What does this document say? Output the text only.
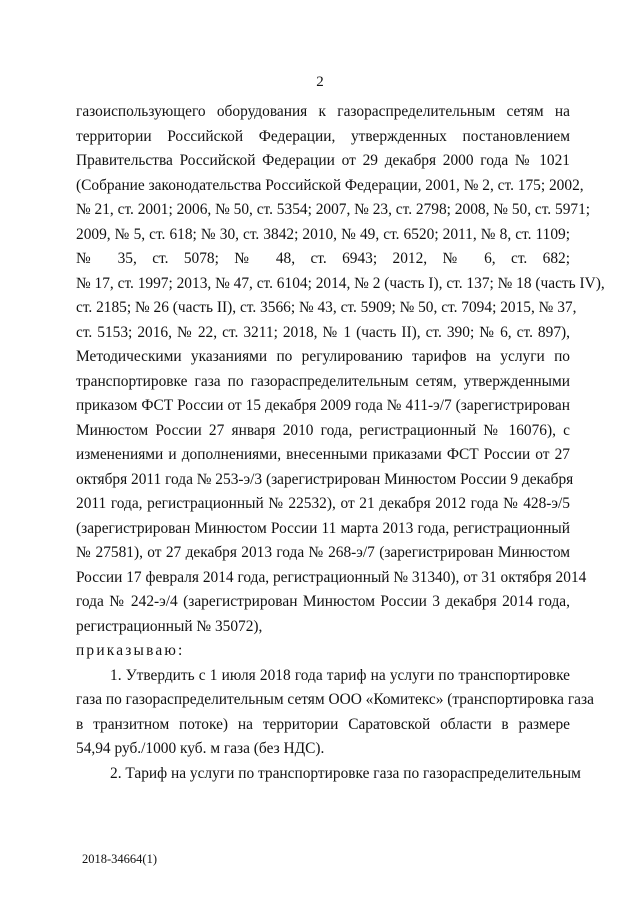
2
газоиспользующего оборудования к газораспределительным сетям на
территории Российской Федерации, утвержденных постановлением
Правительства Российской Федерации от 29 декабря 2000 года № 1021
(Собрание законодательства Российской Федерации, 2001, № 2, ст. 175; 2002,
№ 21, ст. 2001; 2006, № 50, ст. 5354; 2007, № 23, ст. 2798; 2008, № 50, ст. 5971;
2009, № 5, ст. 618; № 30, ст. 3842; 2010, № 49, ст. 6520; 2011, № 8, ст. 1109;
№ 35, ст. 5078; № 48, ст. 6943; 2012, № 6, ст. 682;
№ 17, ст. 1997; 2013, № 47, ст. 6104; 2014, № 2 (часть I), ст. 137; № 18 (часть IV),
ст. 2185; № 26 (часть II), ст. 3566; № 43, ст. 5909; № 50, ст. 7094; 2015, № 37,
ст. 5153; 2016, № 22, ст. 3211; 2018, № 1 (часть II), ст. 390; № 6, ст. 897),
Методическими указаниями по регулированию тарифов на услуги по
транспортировке газа по газораспределительным сетям, утвержденными
приказом ФСТ России от 15 декабря 2009 года № 411-э/7 (зарегистрирован
Минюстом России 27 января 2010 года, регистрационный № 16076), с
изменениями и дополнениями, внесенными приказами ФСТ России от 27
октября 2011 года № 253-э/3 (зарегистрирован Минюстом России 9 декабря
2011 года, регистрационный № 22532), от 21 декабря 2012 года № 428-э/5
(зарегистрирован Минюстом России 11 марта 2013 года, регистрационный
№ 27581), от 27 декабря 2013 года № 268-э/7 (зарегистрирован Минюстом
России 17 февраля 2014 года, регистрационный № 31340), от 31 октября 2014
года № 242-э/4 (зарегистрирован Минюстом России 3 декабря 2014 года,
регистрационный № 35072),
приказываю:
1. Утвердить с 1 июля 2018 года тариф на услуги по транспортировке
газа по газораспределительным сетям ООО «Комитекс» (транспортировка газа
в транзитном потоке) на территории Саратовской области в размере
54,94 руб./1000 куб. м газа (без НДС).
2. Тариф на услуги по транспортировке газа по газораспределительным
2018-34664(1)
